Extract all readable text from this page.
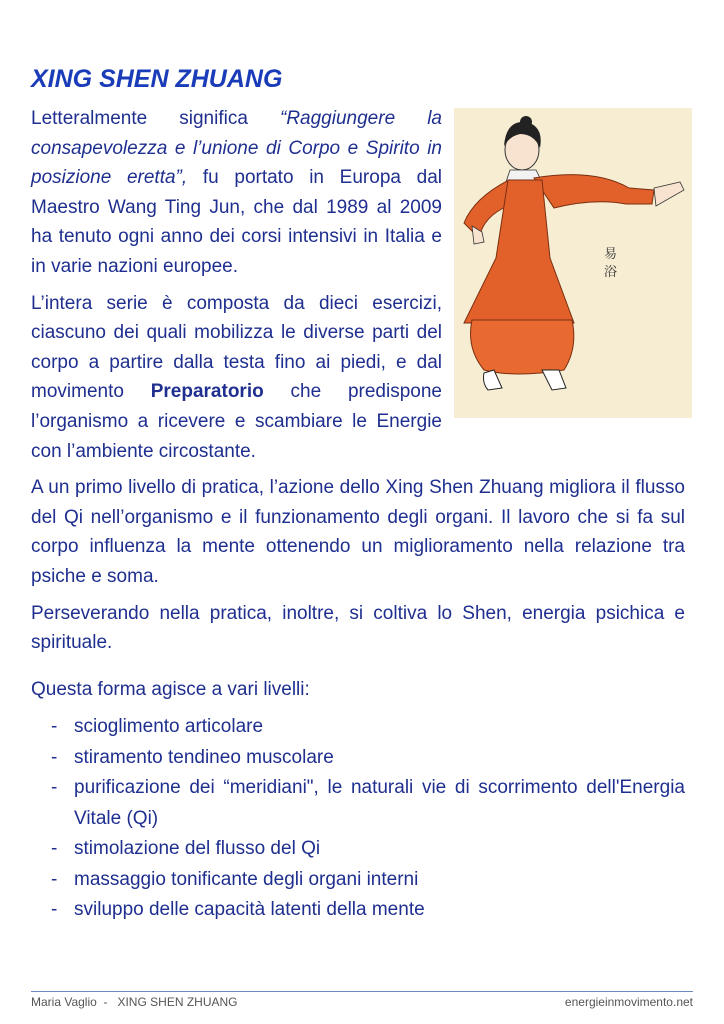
XING SHEN ZHUANG
易
浴

Letteralmente significa “Raggiungere la consapevolezza e l’unione di Corpo e Spirito in posizione eretta”, fu portato in Europa dal Maestro Wang Ting Jun, che dal 1989 al 2009 ha tenuto ogni anno dei corsi intensivi in Italia e in varie nazioni europee.

L’intera serie è composta da dieci esercizi, ciascuno dei quali mobilizza le diverse parti del corpo a partire dalla testa fino ai piedi, e dal movimento Preparatorio che predispone l’organismo a ricevere e scambiare le Energie con l’ambiente circostante.

A un primo livello di pratica, l’azione dello Xing Shen Zhuang migliora il flusso del Qi nell’organismo e il funzionamento degli organi. Il lavoro che si fa sul corpo influenza la mente ottenendo un miglioramento nella relazione tra psiche e soma.

Perseverando nella pratica, inoltre, si coltiva lo Shen, energia psichica e spirituale.

Questa forma agisce a vari livelli:

- scioglimento articolare
- stiramento tendineo muscolare
- purificazione dei “meridiani", le naturali vie di scorrimento dell'Energia Vitale (Qi)
- stimolazione del flusso del Qi
- massaggio tonificante degli organi interni
- sviluppo delle capacità latenti della mente
Maria Vaglio  -   XING SHEN ZHUANG	energieinmovimento.net
